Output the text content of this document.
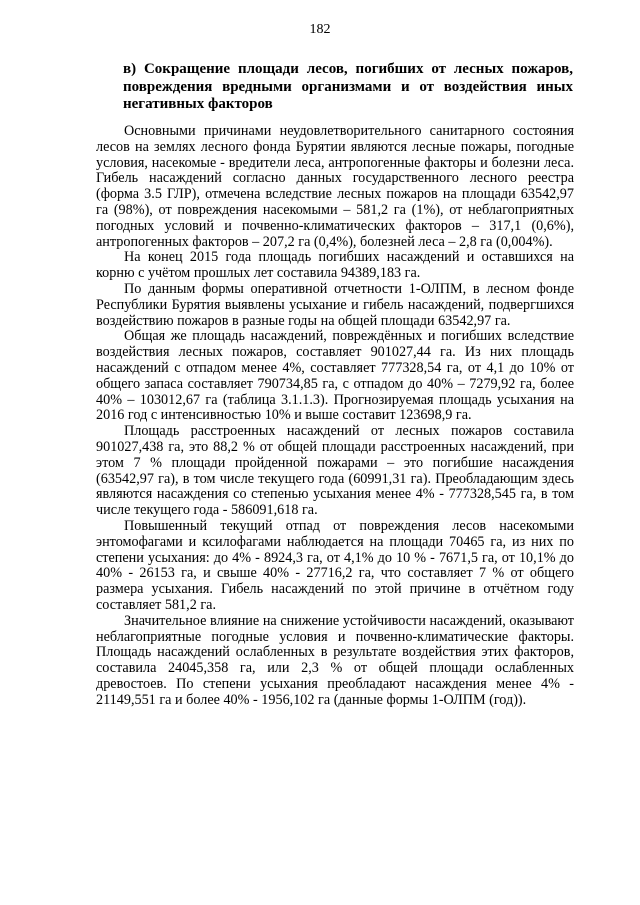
182
в) Сокращение площади лесов, погибших от лесных пожаров, повреждения вредными организмами и от воздействия иных негативных факторов

Основными причинами неудовлетворительного санитарного состояния лесов на землях лесного фонда Бурятии являются лесные пожары, погодные условия, насекомые - вредители леса, антропогенные факторы и болезни леса. Гибель насаждений согласно данных государственного лесного реестра (форма 3.5 ГЛР), отмечена вследствие лесных пожаров на площади 63542,97 га (98%), от повреждения насекомыми – 581,2 га (1%), от неблагоприятных погодных условий и почвенно-климатических факторов – 317,1 (0,6%), антропогенных факторов – 207,2 га (0,4%), болезней леса – 2,8 га (0,004%).

На конец 2015 года площадь погибших насаждений и оставшихся на корню с учётом прошлых лет составила 94389,183 га.

По данным формы оперативной отчетности 1-ОЛПМ, в лесном фонде Республики Бурятия выявлены усыхание и гибель насаждений, подвергшихся воздействию пожаров в разные годы на общей площади 63542,97 га.

Общая же площадь насаждений, повреждённых и погибших вследствие воздействия лесных пожаров, составляет 901027,44 га. Из них площадь насаждений с отпадом менее 4%, составляет 777328,54 га, от 4,1 до 10% от общего запаса составляет 790734,85 га, с отпадом до 40% – 7279,92 га, более 40% – 103012,67 га (таблица 3.1.1.3). Прогнозируемая площадь усыхания на 2016 год с интенсивностью 10% и выше составит 123698,9 га.

Площадь расстроенных насаждений от лесных пожаров составила 901027,438 га, это 88,2 % от общей площади расстроенных насаждений, при этом 7 % площади пройденной пожарами – это погибшие насаждения (63542,97 га), в том числе текущего года (60991,31 га). Преобладающим здесь являются насаждения со степенью усыхания менее 4% - 777328,545 га, в том числе текущего года - 586091,618 га.

Повышенный текущий отпад от повреждения лесов насекомыми энтомофагами и ксилофагами наблюдается на площади 70465 га, из них по степени усыхания: до 4% - 8924,3 га, от 4,1% до 10 % - 7671,5 га, от 10,1% до 40% - 26153 га, и свыше 40% - 27716,2 га, что составляет 7 % от общего размера усыхания. Гибель насаждений по этой причине в отчётном году составляет 581,2 га.

Значительное влияние на снижение устойчивости насаждений, оказывают неблагоприятные погодные условия и почвенно-климатические факторы. Площадь насаждений ослабленных в результате воздействия этих факторов, составила 24045,358 га, или 2,3 % от общей площади ослабленных древостоев. По степени усыхания преобладают насаждения менее 4% - 21149,551 га и более 40% - 1956,102 га (данные формы 1-ОЛПМ (год)).
